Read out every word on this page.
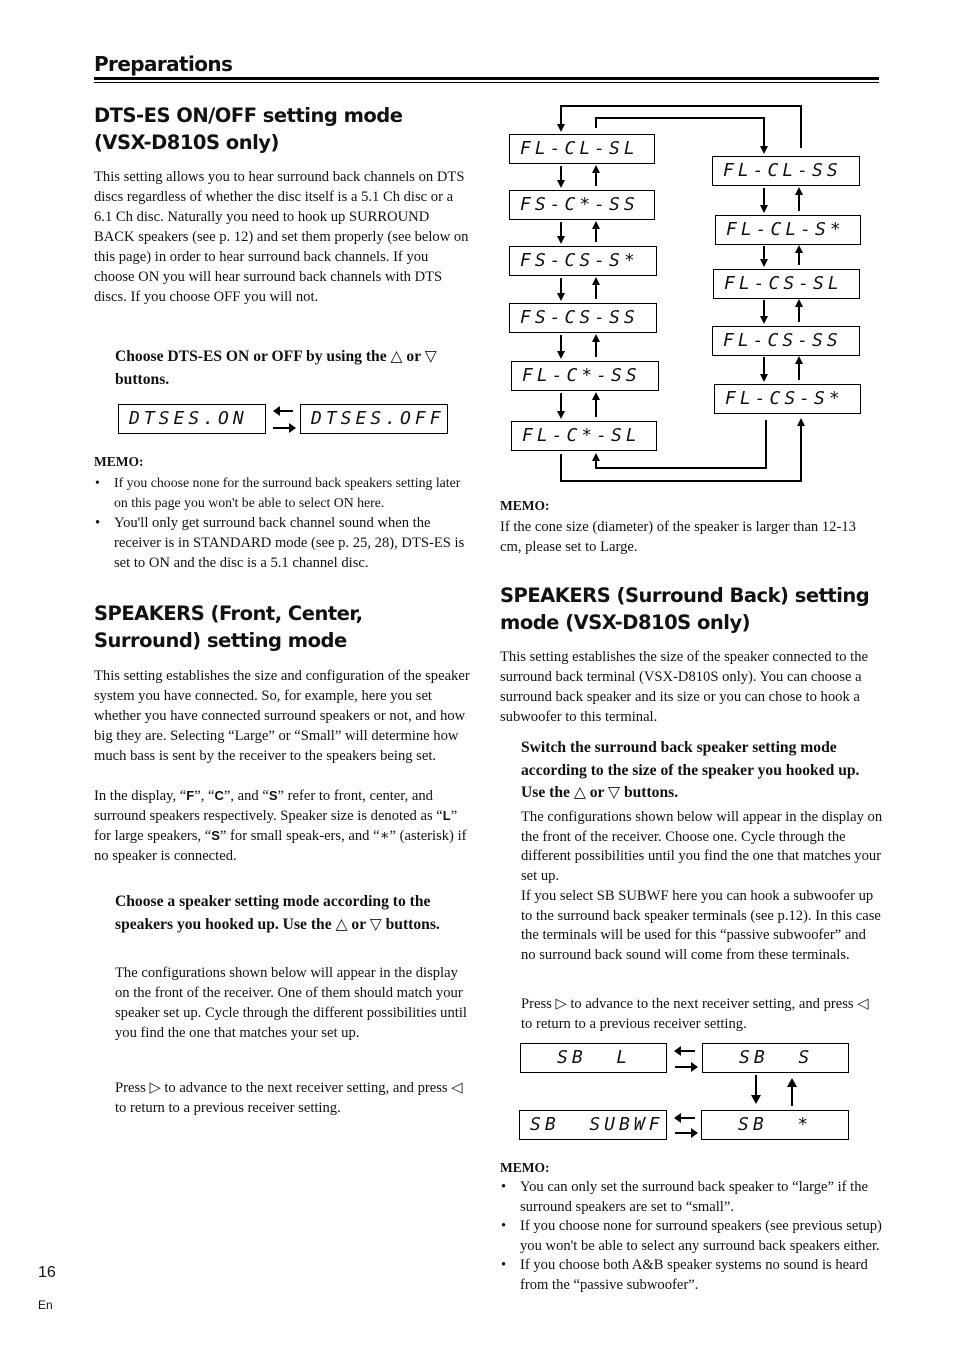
Preparations
DTS-ES ON/OFF setting mode (VSX-D810S only)

This setting allows you to hear surround back channels on DTS discs regardless of whether the disc itself is a 5.1 Ch disc or a 6.1 Ch disc. Naturally you need to hook up SURROUND BACK speakers (see p. 12) and set them properly (see below on this page) in order to hear surround back channels. If you choose ON you will hear surround back channels with DTS discs. If you choose OFF you will not.

Choose DTS-ES ON or OFF by using the △ or ▽ buttons.

DTSES.ON	DTSES.OFF
MEMO:
• If you choose none for the surround back speakers setting later on this page you won't be able to select ON here.
• You'll only get surround back channel sound when the receiver is in STANDARD mode (see p. 25, 28), DTS-ES is set to ON and the disc is a 5.1 channel disc.
SPEAKERS (Front, Center, Surround) setting mode

This setting establishes the size and configuration of the speaker system you have connected. So, for example, here you set whether you have connected surround speakers or not, and how big they are. Selecting “Large” or “Small” will determine how much bass is sent by the receiver to the speakers being set.

In the display, “F”, “C”, and “S” refer to front, center, and surround speakers respectively. Speaker size is denoted as “L” for large speakers, “S” for small speak-ers, and “∗” (asterisk) if no speaker is connected.

Choose a speaker setting mode according to the speakers you hooked up. Use the △ or ▽ buttons.

The configurations shown below will appear in the display on the front of the receiver. One of them should match your speaker set up. Cycle through the different possibilities until you find the one that matches your set up.

Press ▷ to advance to the next receiver setting, and press ◁ to return to a previous receiver setting.

FL-CL-SL
FS-C*-SS
FS-CS-S*
FS-CS-SS
FL-C*-SS
FL-C*-SL
FL-CL-SS
FL-CL-S*
FL-CS-SL
FL-CS-SS
FL-CS-S*
MEMO:

If the cone size (diameter) of the speaker is larger than 12-13 cm, please set to Large.

SPEAKERS (Surround Back) setting mode (VSX-D810S only)

This setting establishes the size of the speaker connected to the surround back terminal (VSX-D810S only). You can choose a surround back speaker and its size or you can chose to hook a subwoofer to this terminal.

Switch the surround back speaker setting mode according to the size of the speaker you hooked up. Use the △ or ▽ buttons.

The configurations shown below will appear in the display on the front of the receiver. Choose one. Cycle through the different possibilities until you find the one that matches your set up.

If you select SB SUBWF here you can hook a subwoofer up to the surround back speaker terminals (see p.12). In this case the terminals will be used for this “passive subwoofer” and no surround back sound will come from these terminals.

Press ▷ to advance to the next receiver setting, and press ◁ to return to a previous receiver setting.

SB  L	SB  S
SB  SUBWF	SB  *
MEMO:
• You can only set the surround back speaker to “large” if the surround speakers are set to “small”.
• If you choose none for surround speakers (see previous setup) you won't be able to select any surround back speakers either.
• If you choose both A&B speaker systems no sound is heard from the “passive subwoofer”.
16
En
